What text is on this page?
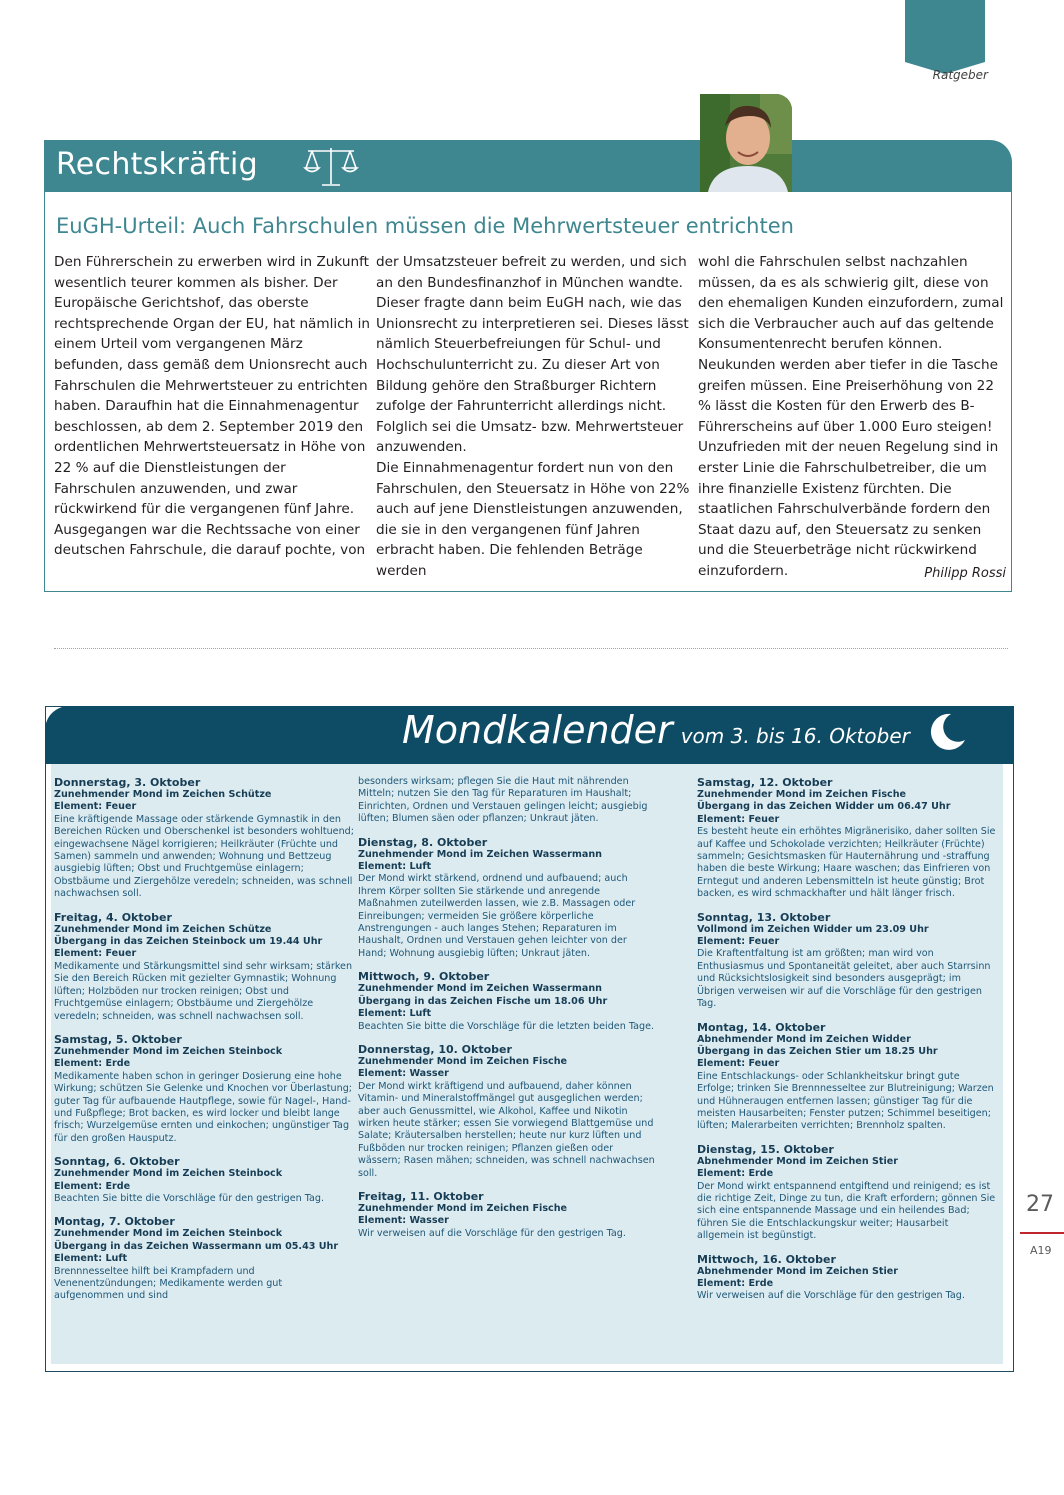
Ratgeber
Rechtskräftig
EuGH-Urteil: Auch Fahrschulen müssen die Mehrwertsteuer entrichten

Den Führerschein zu erwerben wird in Zukunft wesentlich teurer kommen als bisher. Der Europäische Gerichtshof, das oberste rechtsprechende Organ der EU, hat nämlich in einem Urteil vom vergangenen März befunden, dass gemäß dem Unionsrecht auch Fahrschulen die Mehrwertsteuer zu entrichten haben. Daraufhin hat die Einnahmenagentur beschlossen, ab dem 2. September 2019 den ordentlichen Mehrwertsteuersatz in Höhe von 22 % auf die Dienstleistungen der Fahrschulen anzuwenden, und zwar rückwirkend für die vergangenen fünf Jahre. Ausgegangen war die Rechtssache von einer deutschen Fahrschule, die darauf pochte, von

der Umsatzsteuer befreit zu werden, und sich an den Bundesfinanzhof in München wandte. Dieser fragte dann beim EuGH nach, wie das Unionsrecht zu interpretieren sei. Dieses lässt nämlich Steuerbefreiungen für Schul- und Hochschulunterricht zu. Zu dieser Art von Bildung gehöre den Straßburger Richtern zufolge der Fahrunterricht allerdings nicht. Folglich sei die Umsatz- bzw. Mehrwertsteuer anzuwenden.

Die Einnahmenagentur fordert nun von den Fahrschulen, den Steuersatz in Höhe von 22% auch auf jene Dienstleistungen anzuwenden, die sie in den vergangenen fünf Jahren erbracht haben. Die fehlenden Beträge werden

wohl die Fahrschulen selbst nachzahlen müssen, da es als schwierig gilt, diese von den ehemaligen Kunden einzufordern, zumal sich die Verbraucher auch auf das geltende Konsumentenrecht berufen können.

Neukunden werden aber tiefer in die Tasche greifen müssen. Eine Preiserhöhung von 22 % lässt die Kosten für den Erwerb des B-Führerscheins auf über 1.000 Euro steigen!

Unzufrieden mit der neuen Regelung sind in erster Linie die Fahrschulbetreiber, die um ihre finanzielle Existenz fürchten. Die staatlichen Fahrschulverbände fordern den Staat dazu auf, den Steuersatz zu senken und die Steuerbeträge nicht rückwirkend einzufordern.	Philipp Rossi
Mondkalender vom 3. bis 16. Oktober
Donnerstag, 3. Oktober
Zunehmender Mond im Zeichen Schütze
Element: Feuer
Eine kräftigende Massage oder stärkende Gymnastik in den Bereichen Rücken und Oberschenkel ist besonders wohltuend; eingewachsene Nägel korrigieren; Heilkräuter (Früchte und Samen) sammeln und anwenden; Wohnung und Bettzeug ausgiebig lüften; Obst und Fruchtgemüse einlagern; Obstbäume und Ziergehölze veredeln; schneiden, was schnell nachwachsen soll.
Freitag, 4. Oktober
Zunehmender Mond im Zeichen Schütze
Übergang in das Zeichen Steinbock um 19.44 Uhr
Element: Feuer
Medikamente und Stärkungsmittel sind sehr wirksam; stärken Sie den Bereich Rücken mit gezielter Gymnastik; Wohnung lüften; Holzböden nur trocken reinigen; Obst und Fruchtgemüse einlagern; Obstbäume und Ziergehölze veredeln; schneiden, was schnell nachwachsen soll.
Samstag, 5. Oktober
Zunehmender Mond im Zeichen Steinbock
Element: Erde
Medikamente haben schon in geringer Dosierung eine hohe Wirkung; schützen Sie Gelenke und Knochen vor Überlastung; guter Tag für aufbauende Hautpflege, sowie für Nagel-, Hand- und Fußpflege; Brot backen, es wird locker und bleibt lange frisch; Wurzelgemüse ernten und einkochen; ungünstiger Tag für den großen Hausputz.
Sonntag, 6. Oktober
Zunehmender Mond im Zeichen Steinbock
Element: Erde
Beachten Sie bitte die Vorschläge für den gestrigen Tag.
Montag, 7. Oktober
Zunehmender Mond im Zeichen Steinbock
Übergang in das Zeichen Wassermann um 05.43 Uhr
Element: Luft
Brennnesseltee hilft bei Krampfadern und Venenentzündungen; Medikamente werden gut aufgenommen und sind
besonders wirksam; pflegen Sie die Haut mit nährenden Mitteln; nutzen Sie den Tag für Reparaturen im Haushalt; Einrichten, Ordnen und Verstauen gelingen leicht; ausgiebig lüften; Blumen säen oder pflanzen; Unkraut jäten.
Dienstag, 8. Oktober
Zunehmender Mond im Zeichen Wassermann
Element: Luft
Der Mond wirkt stärkend, ordnend und aufbauend; auch Ihrem Körper sollten Sie stärkende und anregende Maßnahmen zuteilwerden lassen, wie z.B. Massagen oder Einreibungen; vermeiden Sie größere körperliche Anstrengungen - auch langes Stehen; Reparaturen im Haushalt, Ordnen und Verstauen gehen leichter von der Hand; Wohnung ausgiebig lüften; Unkraut jäten.
Mittwoch, 9. Oktober
Zunehmender Mond im Zeichen Wassermann
Übergang in das Zeichen Fische um 18.06 Uhr
Element: Luft
Beachten Sie bitte die Vorschläge für die letzten beiden Tage.
Donnerstag, 10. Oktober
Zunehmender Mond im Zeichen Fische
Element: Wasser
Der Mond wirkt kräftigend und aufbauend, daher können Vitamin- und Mineralstoffmängel gut ausgeglichen werden; aber auch Genussmittel, wie Alkohol, Kaffee und Nikotin wirken heute stärker; essen Sie vorwiegend Blattgemüse und Salate; Kräutersalben herstellen; heute nur kurz lüften und Fußböden nur trocken reinigen; Pflanzen gießen oder wässern; Rasen mähen; schneiden, was schnell nachwachsen soll.
Freitag, 11. Oktober
Zunehmender Mond im Zeichen Fische
Element: Wasser
Wir verweisen auf die Vorschläge für den gestrigen Tag.
Samstag, 12. Oktober
Zunehmender Mond im Zeichen Fische
Übergang in das Zeichen Widder um 06.47 Uhr
Element: Feuer
Es besteht heute ein erhöhtes Migränerisiko, daher sollten Sie auf Kaffee und Schokolade verzichten; Heilkräuter (Früchte) sammeln; Gesichtsmasken für Hauternährung und -straffung haben die beste Wirkung; Haare waschen; das Einfrieren von Erntegut und anderen Lebensmitteln ist heute günstig; Brot backen, es wird schmackhafter und hält länger frisch.
Sonntag, 13. Oktober
Vollmond im Zeichen Widder um 23.09 Uhr
Element: Feuer
Die Kraftentfaltung ist am größten; man wird von Enthusiasmus und Spontaneität geleitet, aber auch Starrsinn und Rücksichtslosigkeit sind besonders ausgeprägt; im Übrigen verweisen wir auf die Vorschläge für den gestrigen Tag.
Montag, 14. Oktober
Abnehmender Mond im Zeichen Widder
Übergang in das Zeichen Stier um 18.25 Uhr
Element: Feuer
Eine Entschlackungs- oder Schlankheitskur bringt gute Erfolge; trinken Sie Brennnesseltee zur Blutreinigung; Warzen und Hühneraugen entfernen lassen; günstiger Tag für die meisten Hausarbeiten; Fenster putzen; Schimmel beseitigen; lüften; Malerarbeiten verrichten; Brennholz spalten.
Dienstag, 15. Oktober
Abnehmender Mond im Zeichen Stier
Element: Erde
Der Mond wirkt entspannend entgiftend und reinigend; es ist die richtige Zeit, Dinge zu tun, die Kraft erfordern; gönnen Sie sich eine entspannende Massage und ein heilendes Bad; führen Sie die Entschlackungskur weiter; Hausarbeit allgemein ist begünstigt.
Mittwoch, 16. Oktober
Abnehmender Mond im Zeichen Stier
Element: Erde
Wir verweisen auf die Vorschläge für den gestrigen Tag.
27
A19
